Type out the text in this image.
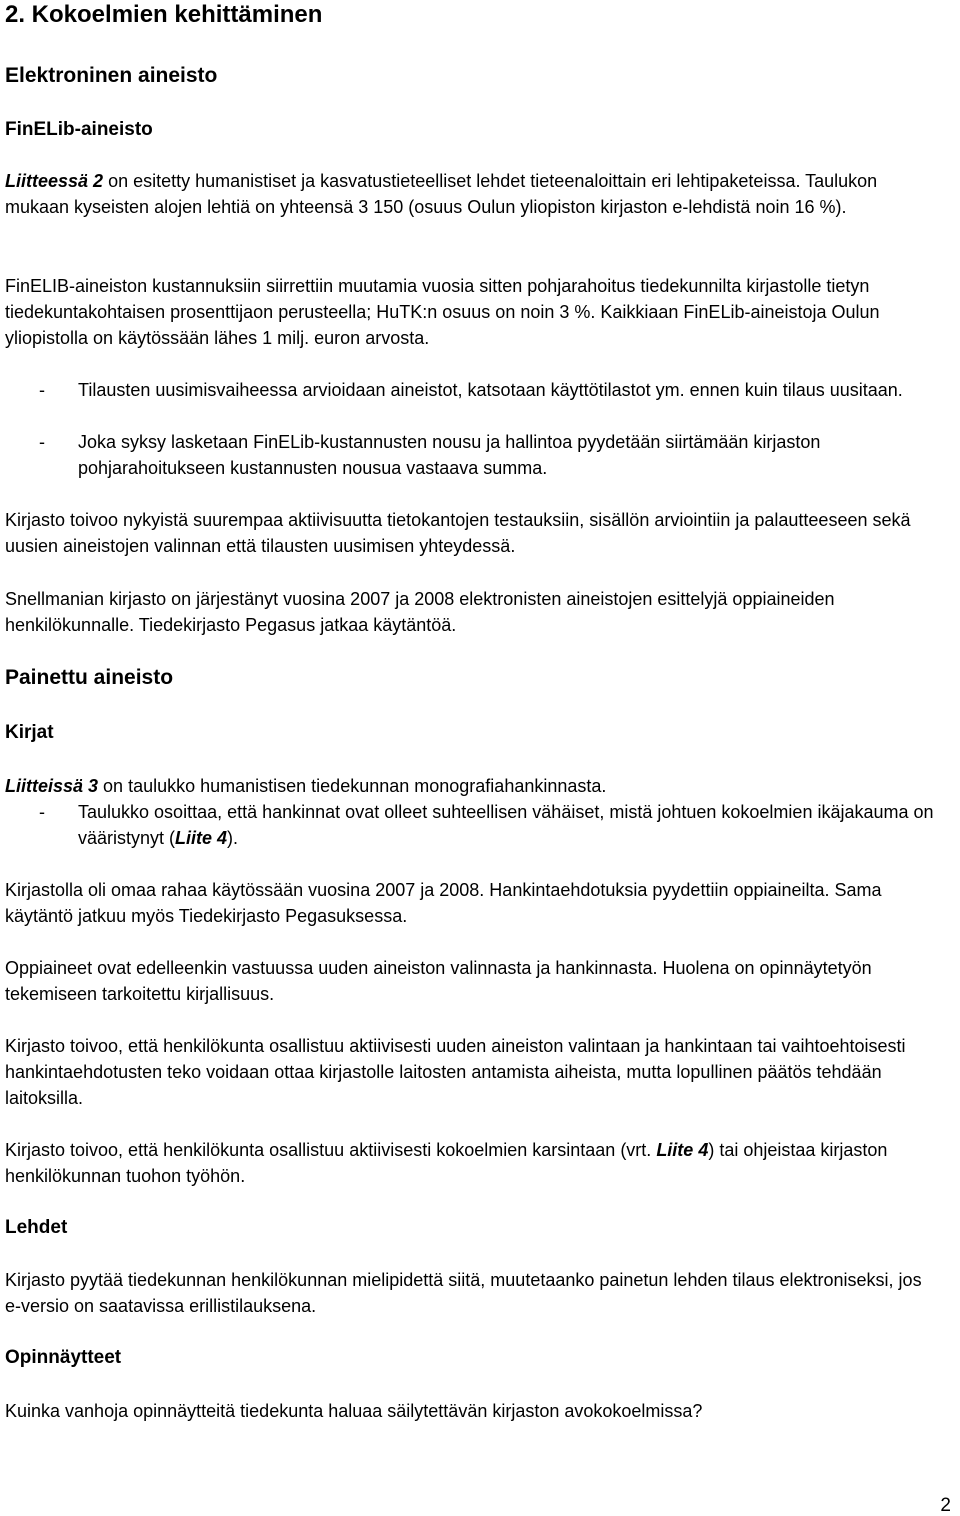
2. Kokoelmien kehittäminen
Elektroninen aineisto
FinELib-aineisto

Liitteessä 2 on esitetty humanistiset ja kasvatustieteelliset lehdet tieteenaloittain eri lehtipaketeissa. Taulukon mukaan kyseisten alojen lehtiä on yhteensä 3 150 (osuus Oulun yliopiston kirjaston e-lehdistä noin 16 %).

FinELIB-aineiston kustannuksiin siirrettiin muutamia vuosia sitten pohjarahoitus tiedekunnilta kirjastolle tietyn tiedekuntakohtaisen prosenttijaon perusteella; HuTK:n osuus on noin 3 %. Kaikkiaan FinELib-aineistoja Oulun yliopistolla on käytössään lähes 1 milj. euron arvosta.

- Tilausten uusimisvaiheessa arvioidaan aineistot, katsotaan käyttötilastot ym. ennen kuin tilaus uusitaan.
- Joka syksy lasketaan FinELib-kustannusten nousu ja hallintoa pyydetään siirtämään kirjaston pohjarahoitukseen kustannusten nousua vastaava summa.

Kirjasto toivoo nykyistä suurempaa aktiivisuutta tietokantojen testauksiin, sisällön arviointiin ja palautteeseen sekä uusien aineistojen valinnan että tilausten uusimisen yhteydessä.

Snellmanian kirjasto on järjestänyt vuosina 2007 ja 2008 elektronisten aineistojen esittelyjä oppiaineiden henkilökunnalle. Tiedekirjasto Pegasus jatkaa käytäntöä.

Painettu aineisto
Kirjat

Liitteissä 3 on taulukko humanistisen tiedekunnan monografiahankinnasta.

- Taulukko osoittaa, että hankinnat ovat olleet suhteellisen vähäiset, mistä johtuen kokoelmien ikäjakauma on vääristynyt (Liite 4).

Kirjastolla oli omaa rahaa käytössään vuosina 2007 ja 2008. Hankintaehdotuksia pyydettiin oppiaineilta. Sama käytäntö jatkuu myös Tiedekirjasto Pegasuksessa.

Oppiaineet ovat edelleenkin vastuussa uuden aineiston valinnasta ja hankinnasta. Huolena on opinnäytetyön tekemiseen tarkoitettu kirjallisuus.

Kirjasto toivoo, että henkilökunta osallistuu aktiivisesti uuden aineiston valintaan ja hankintaan tai vaihtoehtoisesti hankintaehdotusten teko voidaan ottaa kirjastolle laitosten antamista aiheista, mutta lopullinen päätös tehdään laitoksilla.

Kirjasto toivoo, että henkilökunta osallistuu aktiivisesti kokoelmien karsintaan (vrt. Liite 4) tai ohjeistaa kirjaston henkilökunnan tuohon työhön.

Lehdet

Kirjasto pyytää tiedekunnan henkilökunnan mielipidettä siitä, muutetaanko painetun lehden tilaus elektroniseksi, jos e-versio on saatavissa erillistilauksena.

Opinnäytteet

Kuinka vanhoja opinnäytteitä tiedekunta haluaa säilytettävän kirjaston avokokoelmissa?

2
